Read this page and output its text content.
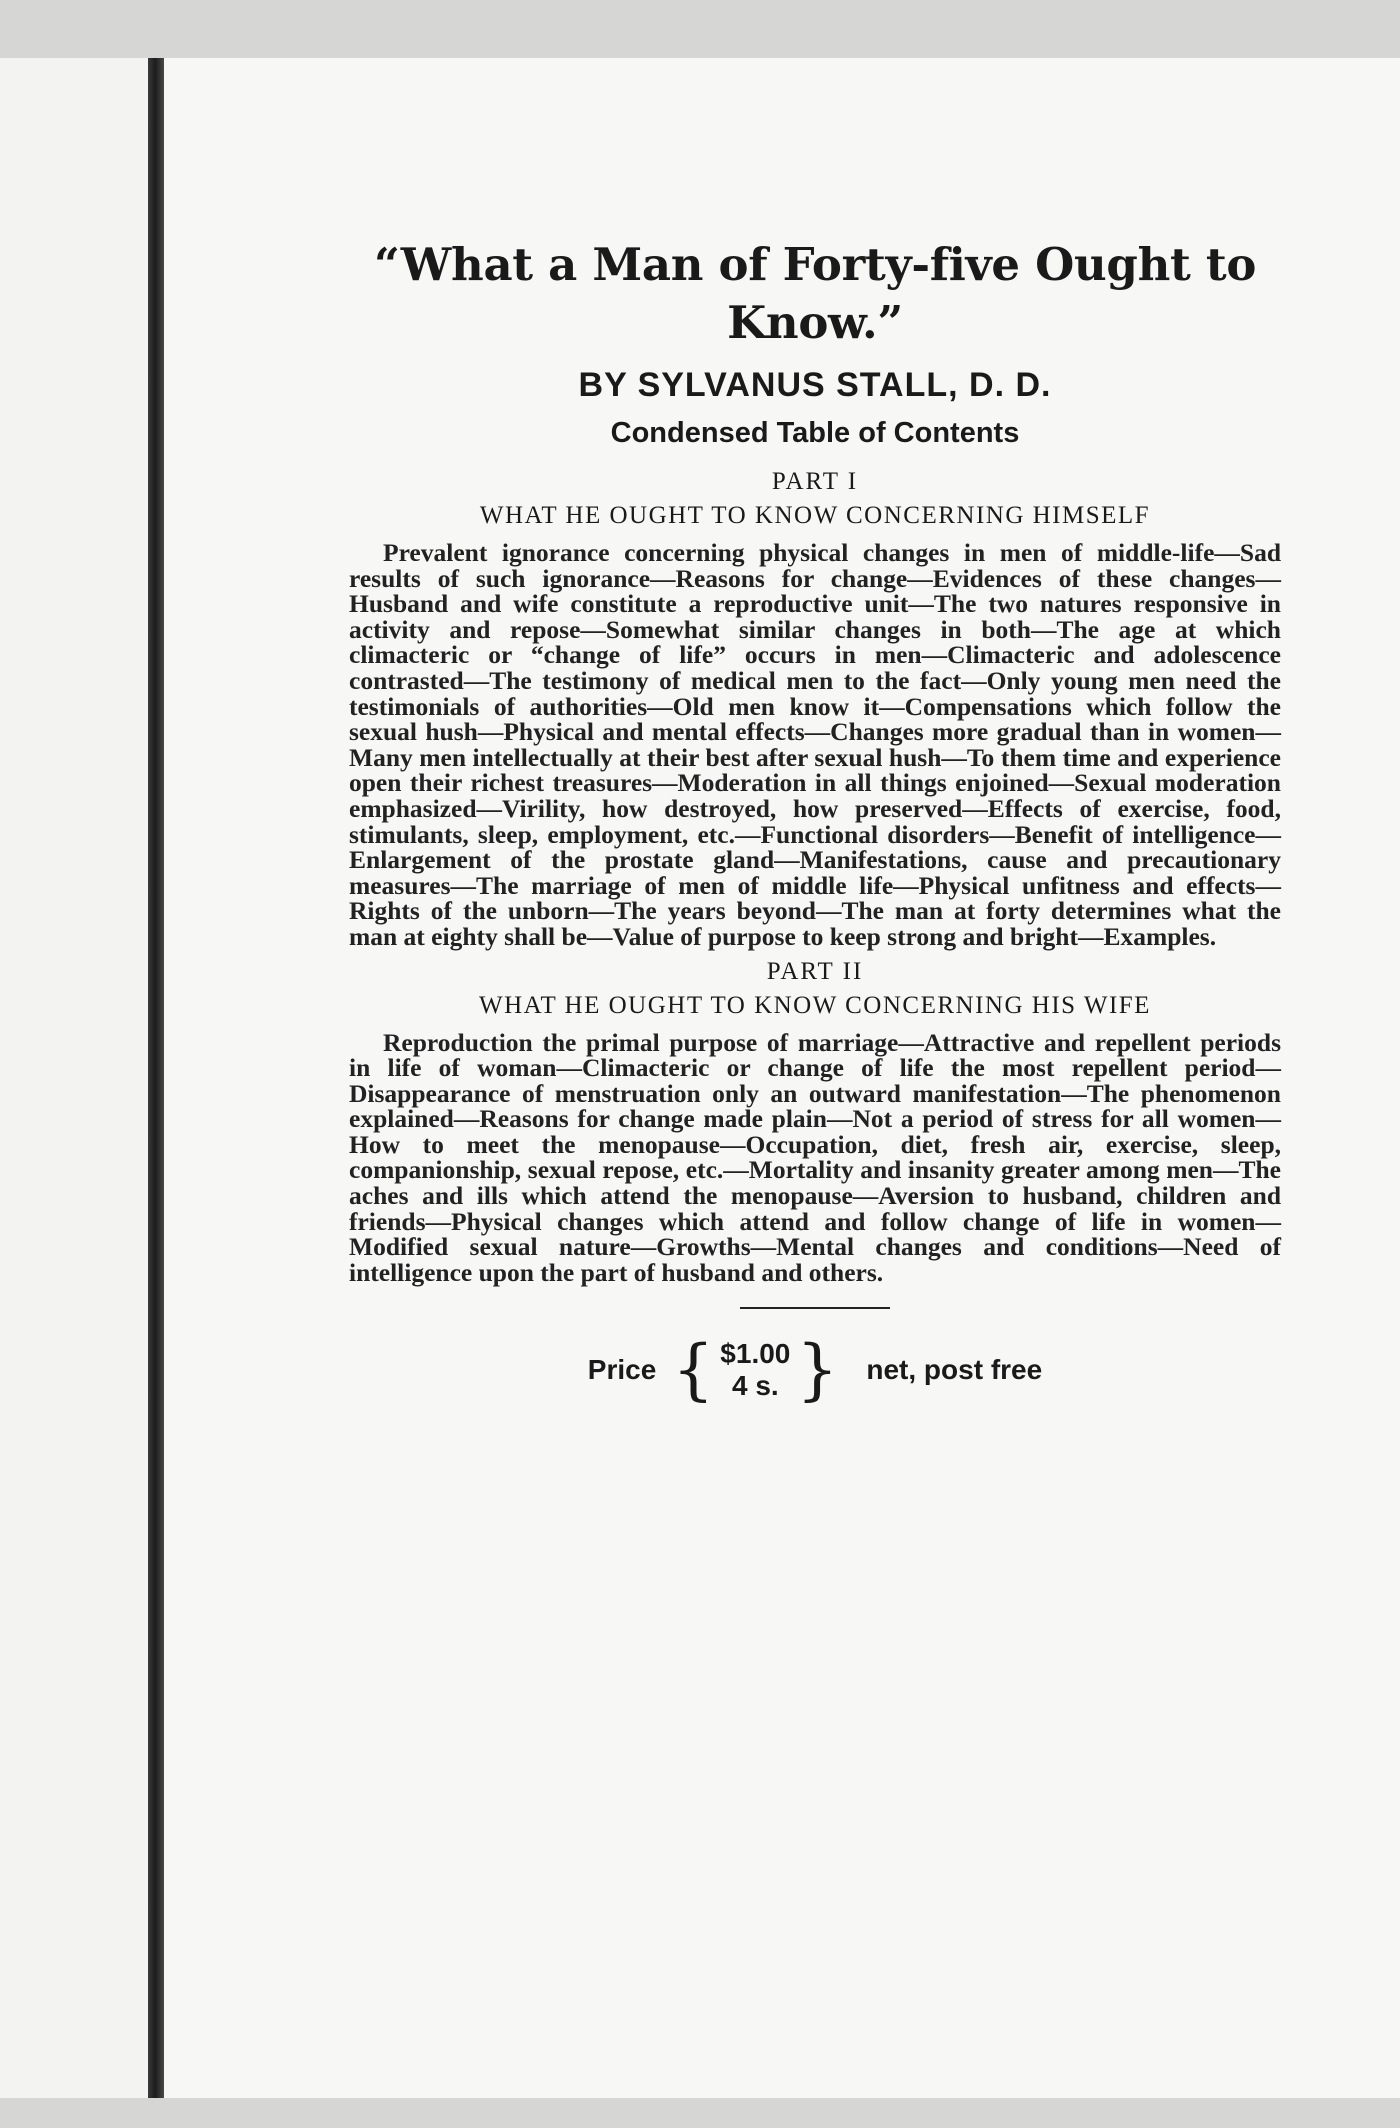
“What a Man of Forty-five Ought to Know.”
BY SYLVANUS STALL, D. D.
Condensed Table of Contents
PART I
WHAT HE OUGHT TO KNOW CONCERNING HIMSELF

Prevalent ignorance concerning physical changes in men of middle-life—Sad results of such ignorance—Reasons for change—Evidences of these changes—Husband and wife constitute a reproductive unit—The two natures responsive in activity and repose—Somewhat similar changes in both—The age at which climacteric or “change of life” occurs in men—Climacteric and adolescence contrasted—The testimony of medical men to the fact—Only young men need the testimonials of authorities—Old men know it—Compensations which follow the sexual hush—Physical and mental effects—Changes more gradual than in women—Many men intellectually at their best after sexual hush—To them time and experience open their richest treasures—Moderation in all things enjoined—Sexual moderation emphasized—Virility, how destroyed, how preserved—Effects of exercise, food, stimulants, sleep, employment, etc.—Functional disorders—Benefit of intelligence—Enlargement of the prostate gland—Manifestations, cause and precautionary measures—The marriage of men of middle life—Physical unfitness and effects—Rights of the unborn—The years beyond—The man at forty determines what the man at eighty shall be—Value of purpose to keep strong and bright—Examples.

PART II
WHAT HE OUGHT TO KNOW CONCERNING HIS WIFE

Reproduction the primal purpose of marriage—Attractive and repellent periods in life of woman—Climacteric or change of life the most repellent period—Disappearance of menstruation only an outward manifestation—The phenomenon explained—Reasons for change made plain—Not a period of stress for all women—How to meet the menopause—Occupation, diet, fresh air, exercise, sleep, companionship, sexual repose, etc.—Mortality and insanity greater among men—The aches and ills which attend the menopause—Aversion to husband, children and friends—Physical changes which attend and follow change of life in women—Modified sexual nature—Growths—Mental changes and conditions—Need of intelligence upon the part of husband and others.

Price { $1.00
4 s. } net, post free
